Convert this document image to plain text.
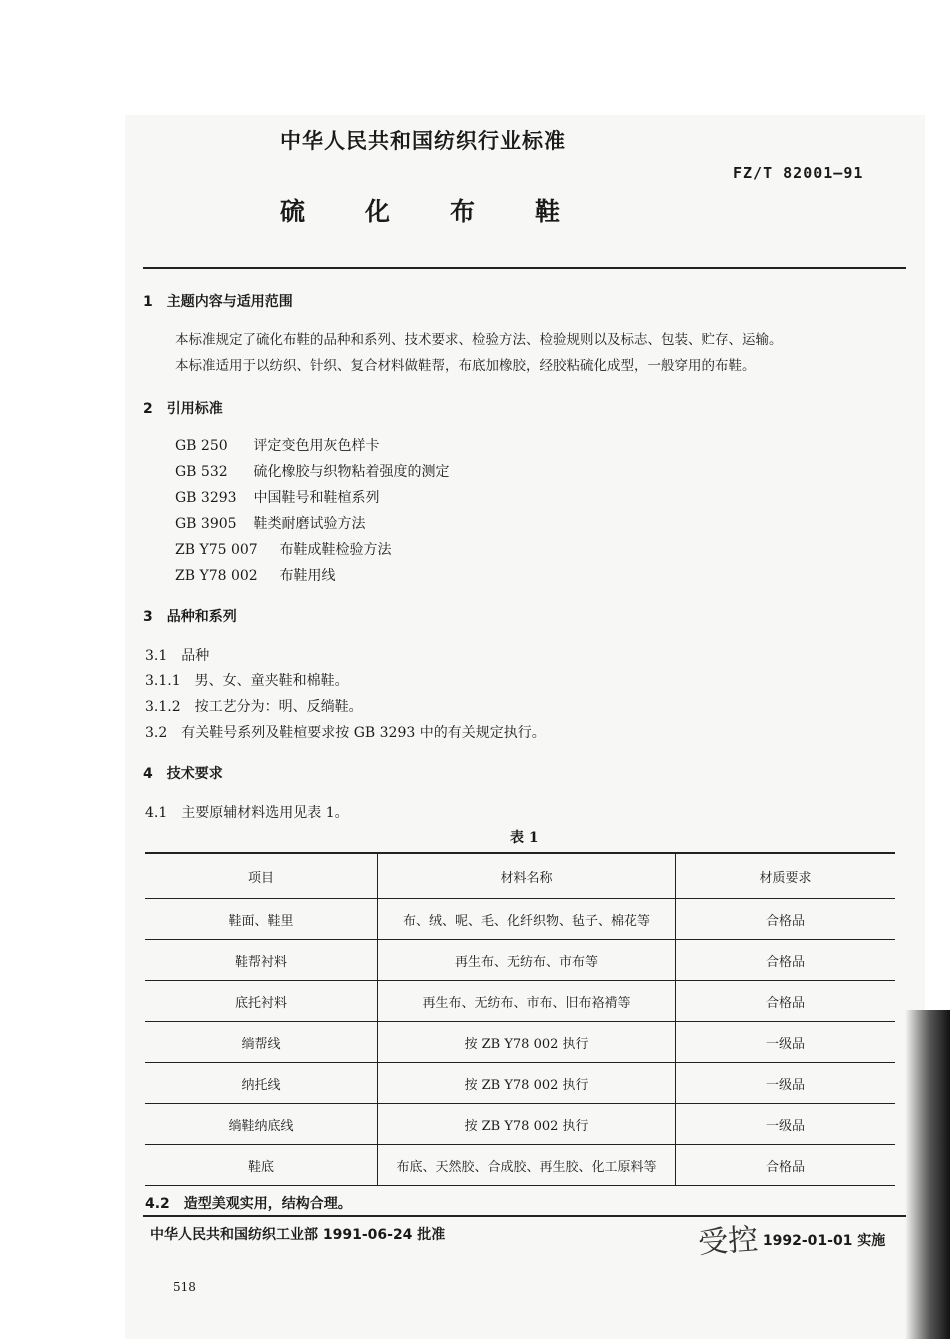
中华人民共和国纺织行业标准
FZ/T 82001—91
硫化布鞋
1　主题内容与适用范围
本标准规定了硫化布鞋的品种和系列、技术要求、检验方法、检验规则以及标志、包装、贮存、运输。
本标准适用于以纺织、针织、复合材料做鞋帮，布底加橡胶，经胶粘硫化成型，一般穿用的布鞋。
2　引用标准
GB 250 评定变色用灰色样卡
GB 532 硫化橡胶与织物粘着强度的测定
GB 3293 中国鞋号和鞋楦系列
GB 3905 鞋类耐磨试验方法
ZB Y75 007 布鞋成鞋检验方法
ZB Y78 002 布鞋用线
3　品种和系列
3.1　品种
3.1.1　男、女、童夹鞋和棉鞋。
3.1.2　按工艺分为：明、反绱鞋。
3.2　有关鞋号系列及鞋楦要求按 GB 3293 中的有关规定执行。
4　技术要求
4.1　主要原辅材料选用见表 1。
表 1
项目	材料名称	材质要求
鞋面、鞋里	布、绒、呢、毛、化纤织物、毡子、棉花等	合格品
鞋帮衬料	再生布、无纺布、市布等	合格品
底托衬料	再生布、无纺布、市布、旧布袼褙等	合格品
绱帮线	按 ZB Y78 002 执行	一级品
纳托线	按 ZB Y78 002 执行	一级品
绱鞋纳底线	按 ZB Y78 002 执行	一级品
鞋底	布底、天然胶、合成胶、再生胶、化工原料等	合格品
4.2　造型美观实用，结构合理。
中华人民共和国纺织工业部 1991-06-24 批准	受控 1992-01-01 实施
518
